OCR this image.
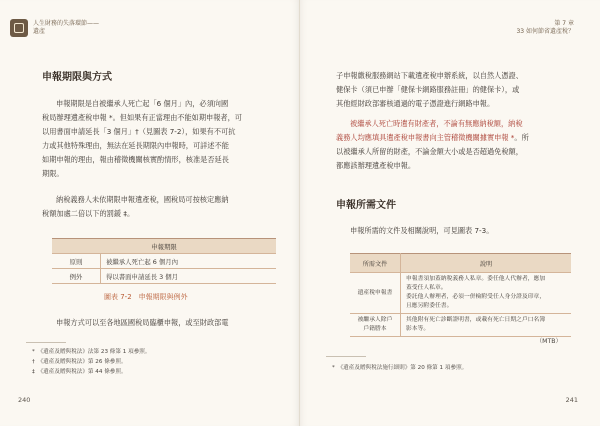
人生財務的失落環節——
遺產
申報期限與方式
申報期限是自被繼承人死亡起「6 個月」內，必須向國
稅局辦理遺產稅申報 *。但如果有正當理由不能如期申報者，可
以用書面申請延長「3 個月」†（見圖表 7-2），如果有不可抗
力或其他特殊理由，無法在延長期限內申報時，可詳述不能
如期申報的理由，報由稽徵機關核實酌情形，核准是否延長
期限。
納稅義務人未依期限申報遺產稅，國稅局可按核定應納
稅額加處二倍以下的罰鍰 ‡。
申報期限	
原則	被繼承人死亡起 6 個月內
例外	得以書面申請延長 3 個月
圖表 7-2　申報期限與例外
申報方式可以至各地區國稅局臨櫃申報，或至財政部電
*　《遺產及贈與稅法》法第 23 條第 1 項參照。
†　《遺產及贈與稅法》第 26 條參照。
‡　《遺產及贈與稅法》第 44 條參照。
240
第 7 章
33 如何節省遺產稅？
子申報繳稅服務網站下載遺產稅申辦系統，以自然人憑證、
健保卡（須已申辦「健保卡網路服務註冊」的健保卡），或
其他經財政部審核通過的電子憑證進行網路申報。
被繼承人死亡時遺有財產者，不論有無應納稅額，納稅
義務人均應填具遺產稅申報書向主管稽徵機關據實申報 *。所
以被繼承人所留的財產，不論金額大小或是否超過免稅額，
都應該辦理遺產稅申報。
申報所需文件
申報所需的文件及相關說明，可見圖表 7-3。
所需文件	說明
遺產稅申報書	申報書須加蓋納稅義務人私章。委任他人代辦者，應加
蓋受任人私章。
委託他人辦理者，必須一併檢附受任人身分證及印章，
且應另附委任書。

被繼承人除戶戶籍謄本	其他附有死亡診斷證明書，或載有死亡日期之戶口名簿
影本等。
（MTB）
*　《遺產及贈與稅法施行細則》第 20 條第 1 項參照。
241
